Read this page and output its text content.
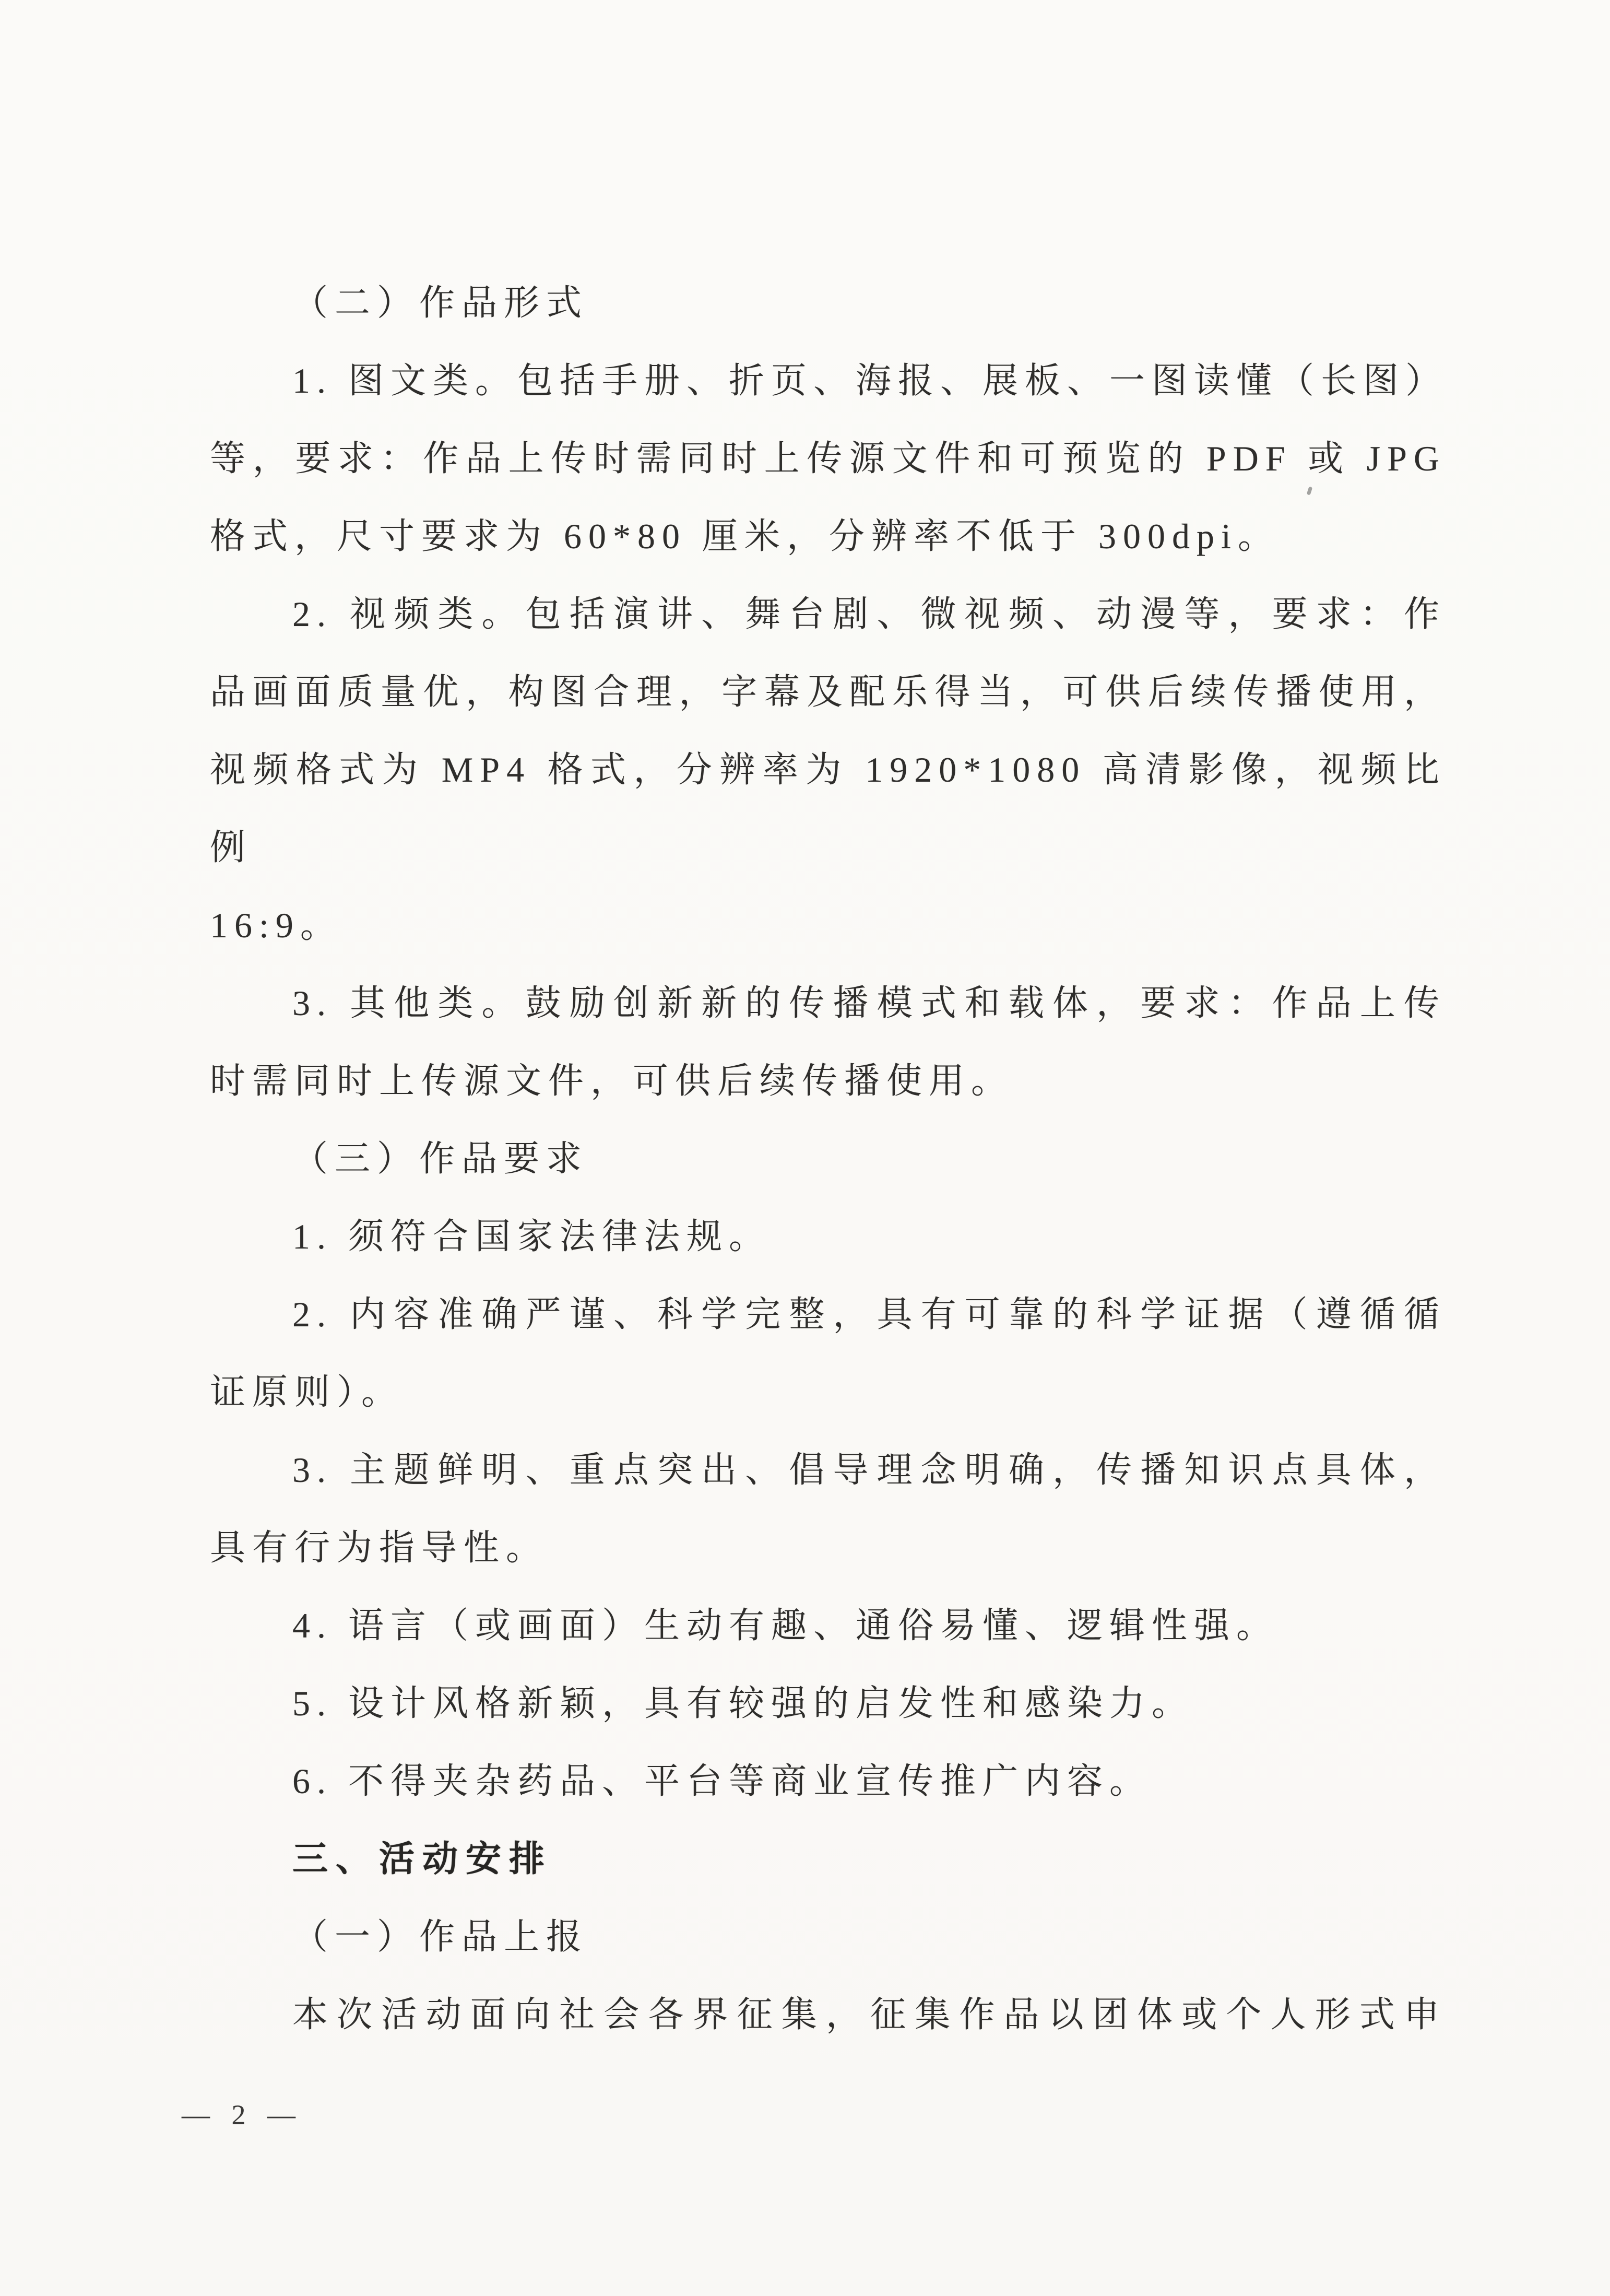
（二）作品形式
1. 图文类。包括手册、折页、海报、展板、一图读懂（长图）
等，要求：作品上传时需同时上传源文件和可预览的 PDF 或 JPG
格式，尺寸要求为 60*80 厘米，分辨率不低于 300dpi。
2. 视频类。包括演讲、舞台剧、微视频、动漫等，要求：作
品画面质量优，构图合理，字幕及配乐得当，可供后续传播使用，
视频格式为 MP4 格式，分辨率为 1920*1080 高清影像，视频比例
16:9。
3. 其他类。鼓励创新新的传播模式和载体，要求：作品上传
时需同时上传源文件，可供后续传播使用。
（三）作品要求
1. 须符合国家法律法规。
2. 内容准确严谨、科学完整，具有可靠的科学证据（遵循循
证原则）。
3. 主题鲜明、重点突出、倡导理念明确，传播知识点具体，
具有行为指导性。
4. 语言（或画面）生动有趣、通俗易懂、逻辑性强。
5. 设计风格新颖，具有较强的启发性和感染力。
6. 不得夹杂药品、平台等商业宣传推广内容。
三、活动安排
（一）作品上报
本次活动面向社会各界征集，征集作品以团体或个人形式申
— 2 —
